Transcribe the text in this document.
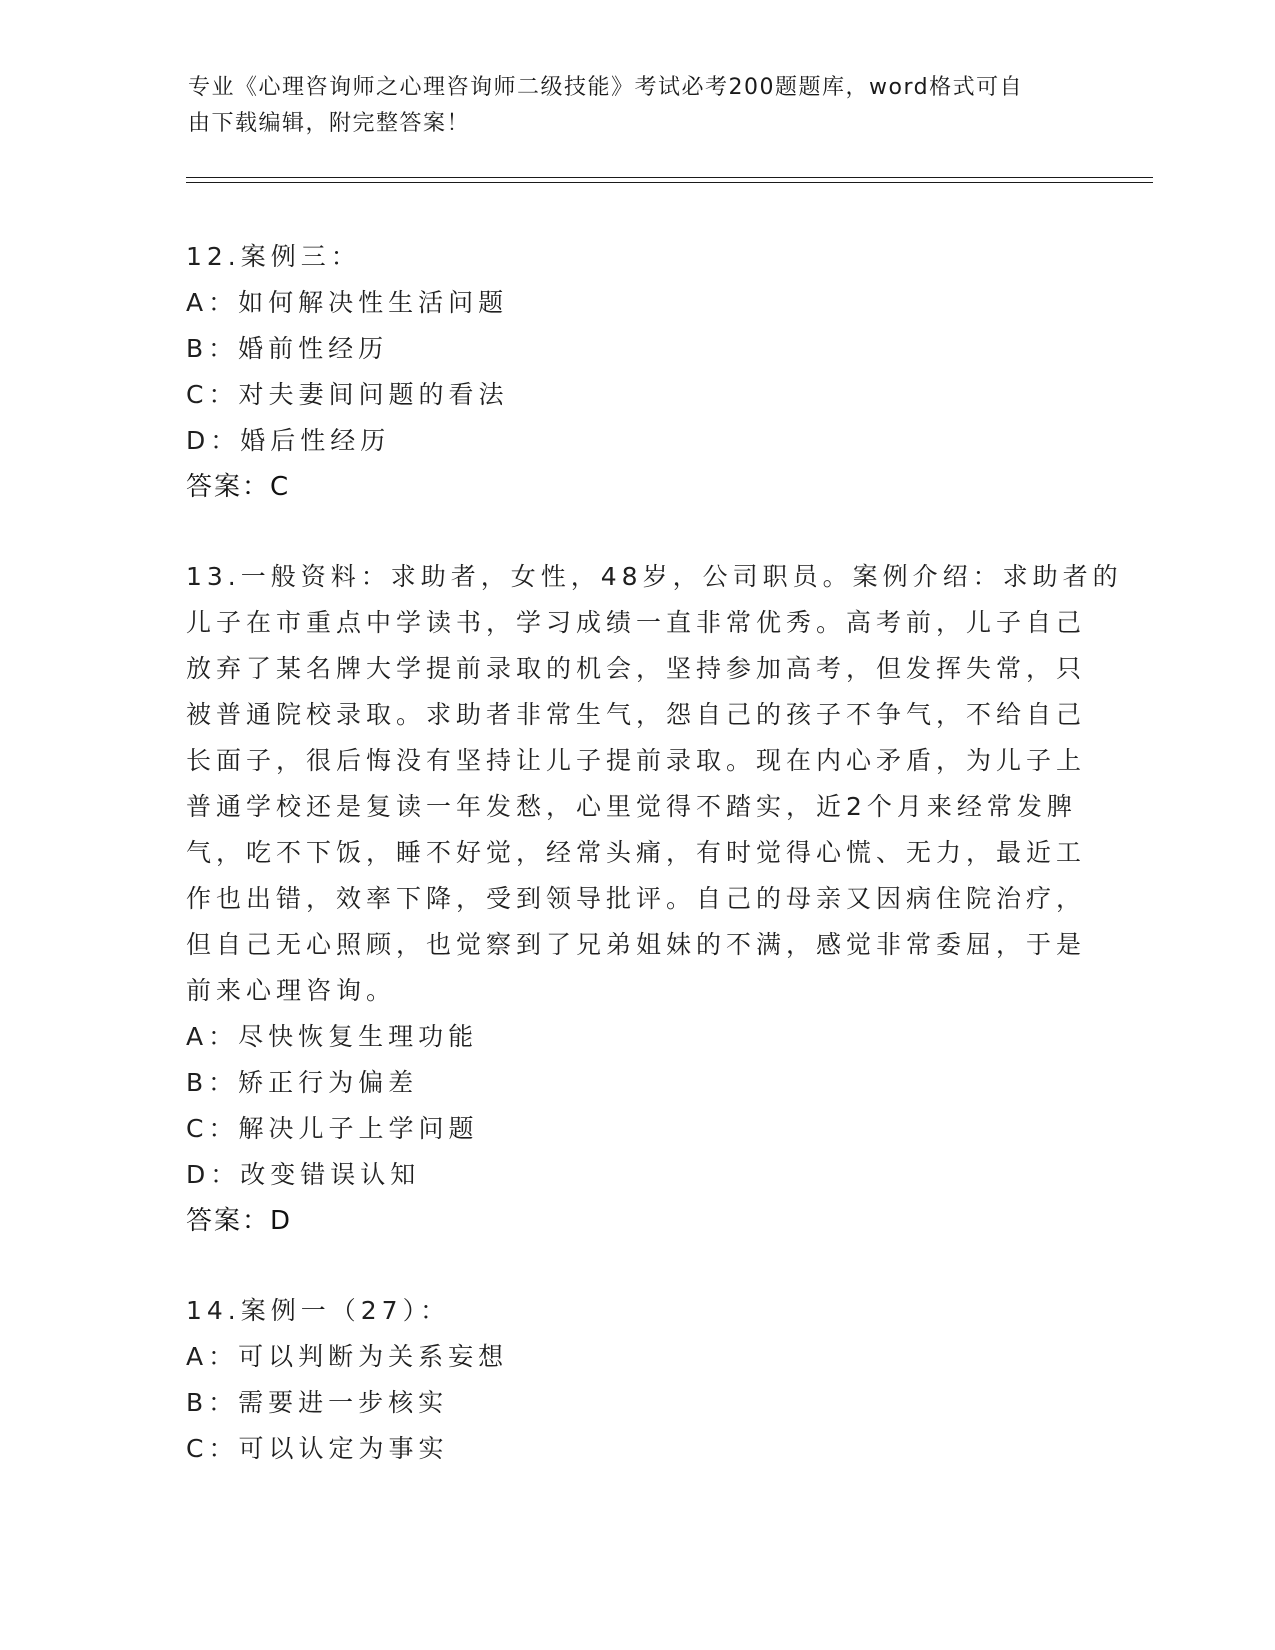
专业《心理咨询师之心理咨询师二级技能》考试必考200题题库，word格式可自
由下载编辑，附完整答案！
12.案例三：
A：如何解决性生活问题
B：婚前性经历
C：对夫妻间问题的看法
D：婚后性经历
答案：C
13.一般资料：求助者，女性，48岁，公司职员。案例介绍：求助者的
儿子在市重点中学读书，学习成绩一直非常优秀。高考前，儿子自己
放弃了某名牌大学提前录取的机会，坚持参加高考，但发挥失常，只
被普通院校录取。求助者非常生气，怨自己的孩子不争气，不给自己
长面子，很后悔没有坚持让儿子提前录取。现在内心矛盾，为儿子上
普通学校还是复读一年发愁，心里觉得不踏实，近2个月来经常发脾
气，吃不下饭，睡不好觉，经常头痛，有时觉得心慌、无力，最近工
作也出错，效率下降，受到领导批评。自己的母亲又因病住院治疗，
但自己无心照顾，也觉察到了兄弟姐妹的不满，感觉非常委屈，于是
前来心理咨询。
A：尽快恢复生理功能
B：矫正行为偏差
C：解决儿子上学问题
D：改变错误认知
答案：D
14.案例一（27）：
A：可以判断为关系妄想
B：需要进一步核实
C：可以认定为事实
